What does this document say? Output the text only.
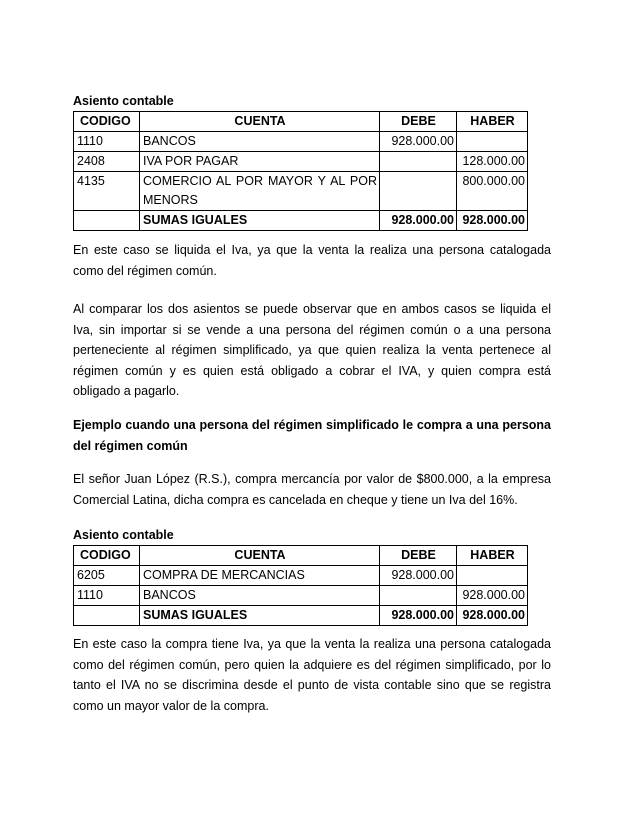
Asiento contable
CODIGO	CUENTA	DEBE	HABER
1110	BANCOS	928.000.00	
2408	IVA POR PAGAR		128.000.00
4135	COMERCIO AL POR MAYOR Y AL POR MENORS		800.000.00
	SUMAS IGUALES	928.000.00	928.000.00
En este caso se liquida el Iva, ya que la venta la realiza una persona catalogada como del régimen común.
Al comparar los dos asientos se puede observar que en ambos casos se liquida el Iva, sin importar si se vende a una persona del régimen común o a una persona perteneciente al régimen simplificado, ya que quien realiza la venta pertenece al régimen común y es quien está obligado a cobrar el IVA, y quien compra está obligado a pagarlo.
Ejemplo cuando una persona del régimen simplificado le compra a una persona del régimen común
El señor Juan López (R.S.), compra mercancía por valor de $800.000, a la empresa Comercial Latina, dicha compra es cancelada en cheque y tiene un Iva del 16%.
Asiento contable
CODIGO	CUENTA	DEBE	HABER
6205	COMPRA DE MERCANCIAS	928.000.00	
1110	BANCOS		928.000.00
	SUMAS IGUALES	928.000.00	928.000.00
En este caso la compra tiene Iva, ya que la venta la realiza una persona catalogada como del régimen común, pero quien la adquiere es del régimen simplificado, por lo tanto el IVA no se discrimina desde el punto de vista contable sino que se registra como un mayor valor de la compra.
